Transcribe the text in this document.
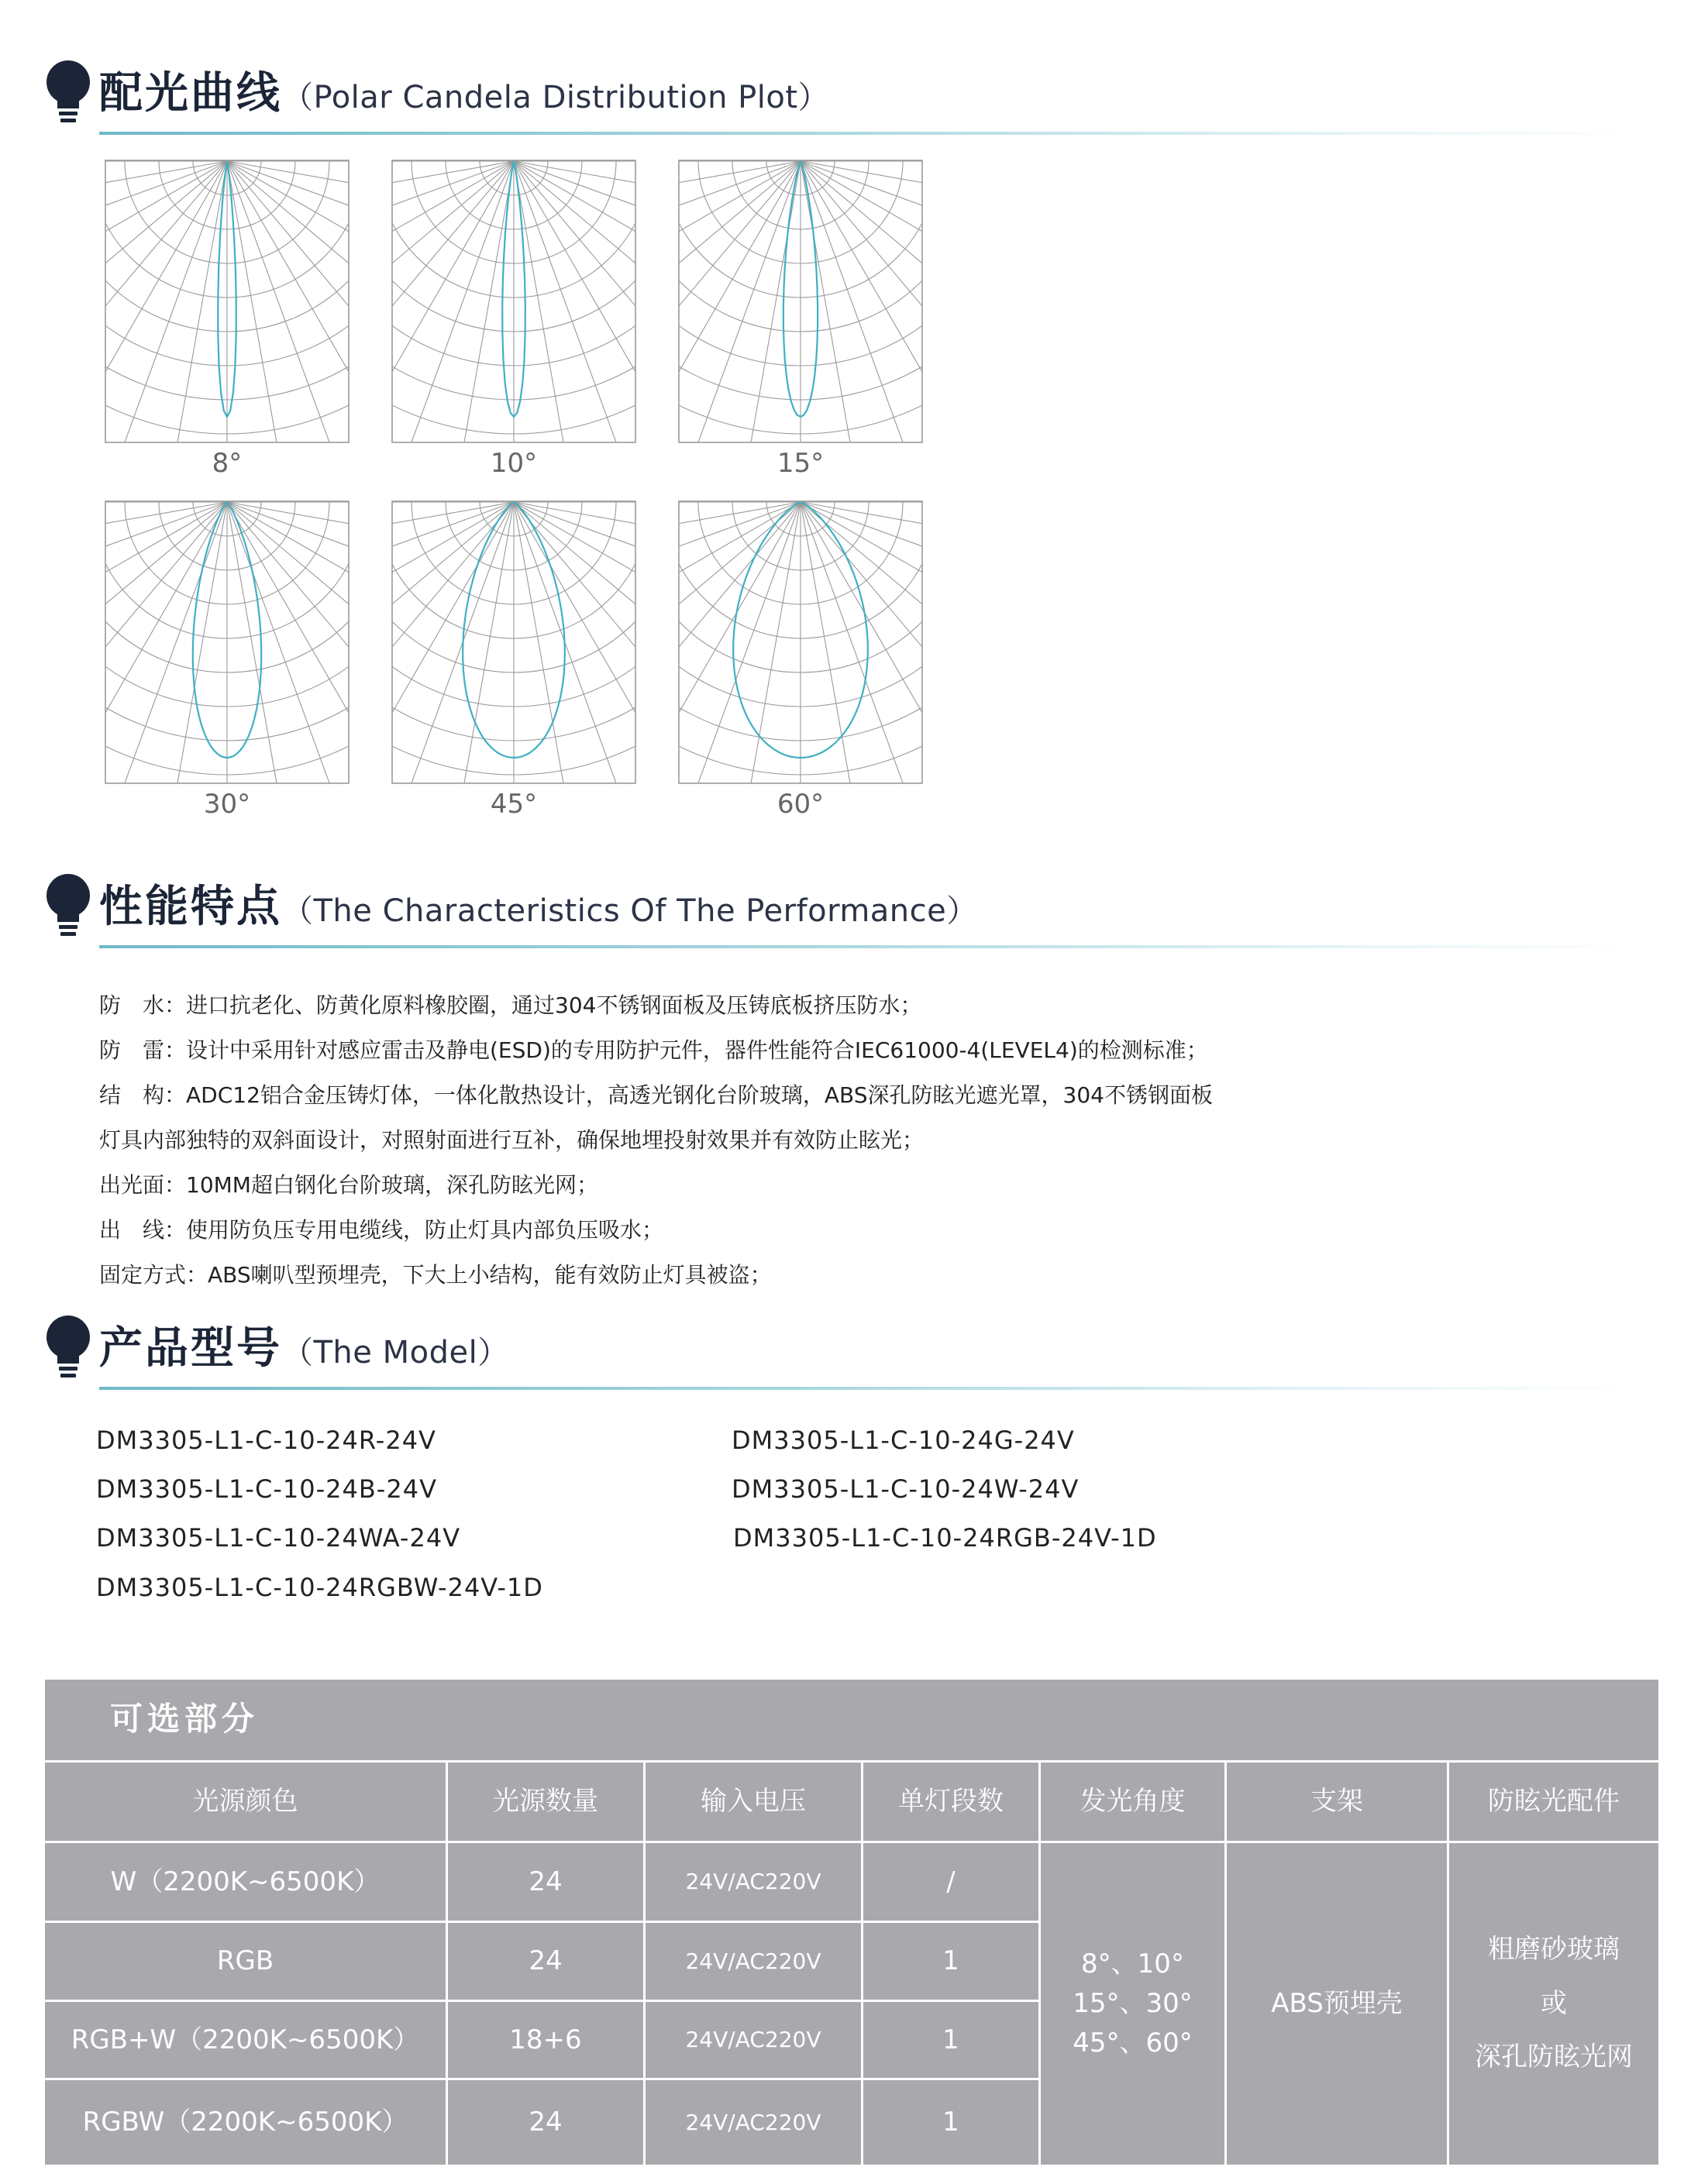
配光曲线（Polar Candela Distribution Plot）
8°	10°	15°
30°	45°	60°
性能特点（The Characteristics Of The Performance）
防　水：进口抗老化、防黄化原料橡胶圈，通过304不锈钢面板及压铸底板挤压防水；
防　雷：设计中采用针对感应雷击及静电(ESD)的专用防护元件，器件性能符合IEC61000-4(LEVEL4)的检测标准；
结　构：ADC12铝合金压铸灯体，一体化散热设计，高透光钢化台阶玻璃，ABS深孔防眩光遮光罩，304不锈钢面板
灯具内部独特的双斜面设计，对照射面进行互补，确保地埋投射效果并有效防止眩光；
出光面：10MM超白钢化台阶玻璃，深孔防眩光网；
出　线：使用防负压专用电缆线，防止灯具内部负压吸水；
固定方式：ABS喇叭型预埋壳，下大上小结构，能有效防止灯具被盗；
产品型号（The Model）
DM3305-L1-C-10-24R-24V	DM3305-L1-C-10-24G-24V
DM3305-L1-C-10-24B-24V	DM3305-L1-C-10-24W-24V
DM3305-L1-C-10-24WA-24V	DM3305-L1-C-10-24RGB-24V-1D
DM3305-L1-C-10-24RGBW-24V-1D
可选部分
光源颜色	光源数量	输入电压	单灯段数	发光角度	支架	防眩光配件
W（2200K~6500K）	24	24V/AC220V	/
RGB	24	24V/AC220V	1
RGB+W（2200K~6500K）	18+6	24V/AC220V	1
RGBW（2200K~6500K）	24	24V/AC220V	1
8°、10°
15°、30°
45°、60°
ABS预埋壳
粗磨砂玻璃
或
深孔防眩光网
